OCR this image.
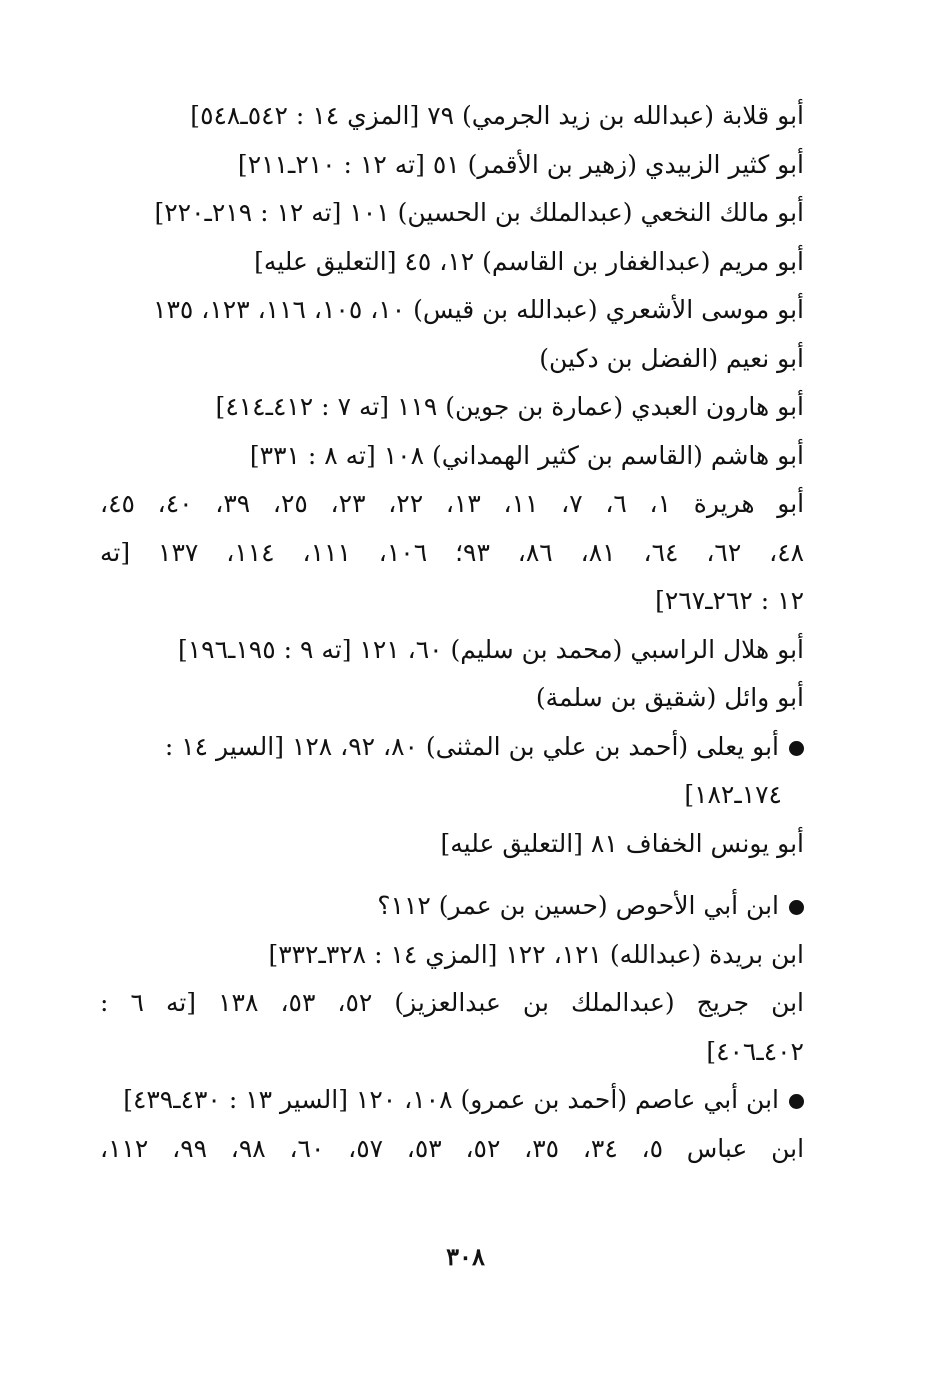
أبو قلابة (عبدالله بن زيد الجرمي) ٧٩ [المزي ١٤ : ٥٤٢ـ٥٤٨]
أبو كثير الزبيدي (زهير بن الأقمر) ٥١ [ته ١٢ : ٢١٠ـ٢١١]
أبو مالك النخعي (عبدالملك بن الحسين) ١٠١ [ته ١٢ : ٢١٩ـ٢٢٠]
أبو مريم (عبدالغفار بن القاسم) ١٢، ٤٥ [التعليق عليه]
أبو موسى الأشعري (عبدالله بن قيس) ١٠، ١٠٥، ١١٦، ١٢٣، ١٣٥
أبو نعيم (الفضل بن دكين)
أبو هارون العبدي (عمارة بن جوين) ١١٩ [ته ٧ : ٤١٢ـ٤١٤]
أبو هاشم (القاسم بن كثير الهمداني) ١٠٨ [ته ٨ : ٣٣١]
أبو هريرة ١، ٦، ٧، ١١، ١٣، ٢٢، ٢٣، ٢٥، ٣٩، ٤٠، ٤٥،
٤٨، ٦٢، ٦٤، ٨١، ٨٦، ٩٣؛ ١٠٦، ١١١، ١١٤، ١٣٧ [ته
١٢ : ٢٦٢ـ٢٦٧]
أبو هلال الراسبي (محمد بن سليم) ٦٠، ١٢١ [ته ٩ : ١٩٥ـ١٩٦]
أبو وائل (شقيق بن سلمة)
أبو يعلى (أحمد بن علي بن المثنى) ٨٠، ٩٢، ١٢٨ [السير ١٤ :
١٧٤ـ١٨٢]
أبو يونس الخفاف ٨١ [التعليق عليه]
ابن أبي الأحوص (حسين بن عمر) ١١٢؟
ابن بريدة (عبدالله) ١٢١، ١٢٢ [المزي ١٤ : ٣٢٨ـ٣٣٢]
ابن جريج (عبدالملك بن عبدالعزيز) ٥٢، ٥٣، ١٣٨ [ته ٦ :
٤٠٢ـ٤٠٦]
ابن أبي عاصم (أحمد بن عمرو) ١٠٨، ١٢٠ [السير ١٣ : ٤٣٠ـ٤٣٩]
ابن عباس ٥، ٣٤، ٣٥، ٥٢، ٥٣، ٥٧، ٦٠، ٩٨، ٩٩، ١١٢،
٣٠٨
